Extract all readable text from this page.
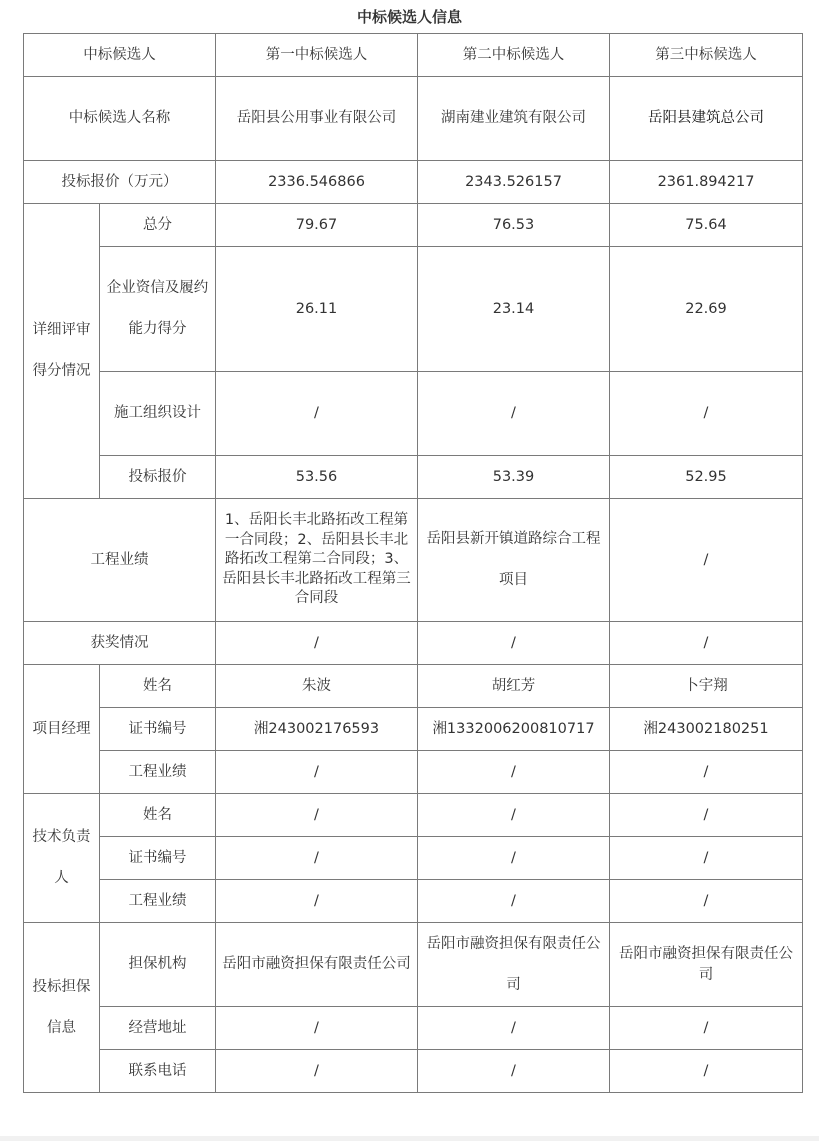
中标候选人信息
中标候选人		第一中标候选人	第二中标候选人	第三中标候选人
中标候选人名称		岳阳县公用事业有限公司	湖南建业建筑有限公司	岳阳县建筑总公司
投标报价（万元）		2336.546866	2343.526157	2361.894217
详细评审得分情况	总分	79.67	76.53	75.64
	企业资信及履约能力得分	26.11	23.14	22.69
	施工组织设计	/	/	/
	投标报价	53.56	53.39	52.95
工程业绩		1、岳阳长丰北路拓改工程第一合同段；2、岳阳县长丰北路拓改工程第二合同段；3、岳阳县长丰北路拓改工程第三合同段	岳阳县新开镇道路综合工程项目	/
获奖情况		/	/	/
项目经理	姓名	朱波	胡红芳	卜宇翔
	证书编号	湘243002176593	湘1332006200810717	湘243002180251
	工程业绩	/	/	/
技术负责人	姓名	/	/	/
	证书编号	/	/	/
	工程业绩	/	/	/
投标担保信息	担保机构	岳阳市融资担保有限责任公司	岳阳市融资担保有限责任公司	岳阳市融资担保有限责任公司
	经营地址	/	/	/
	联系电话	/	/	/
